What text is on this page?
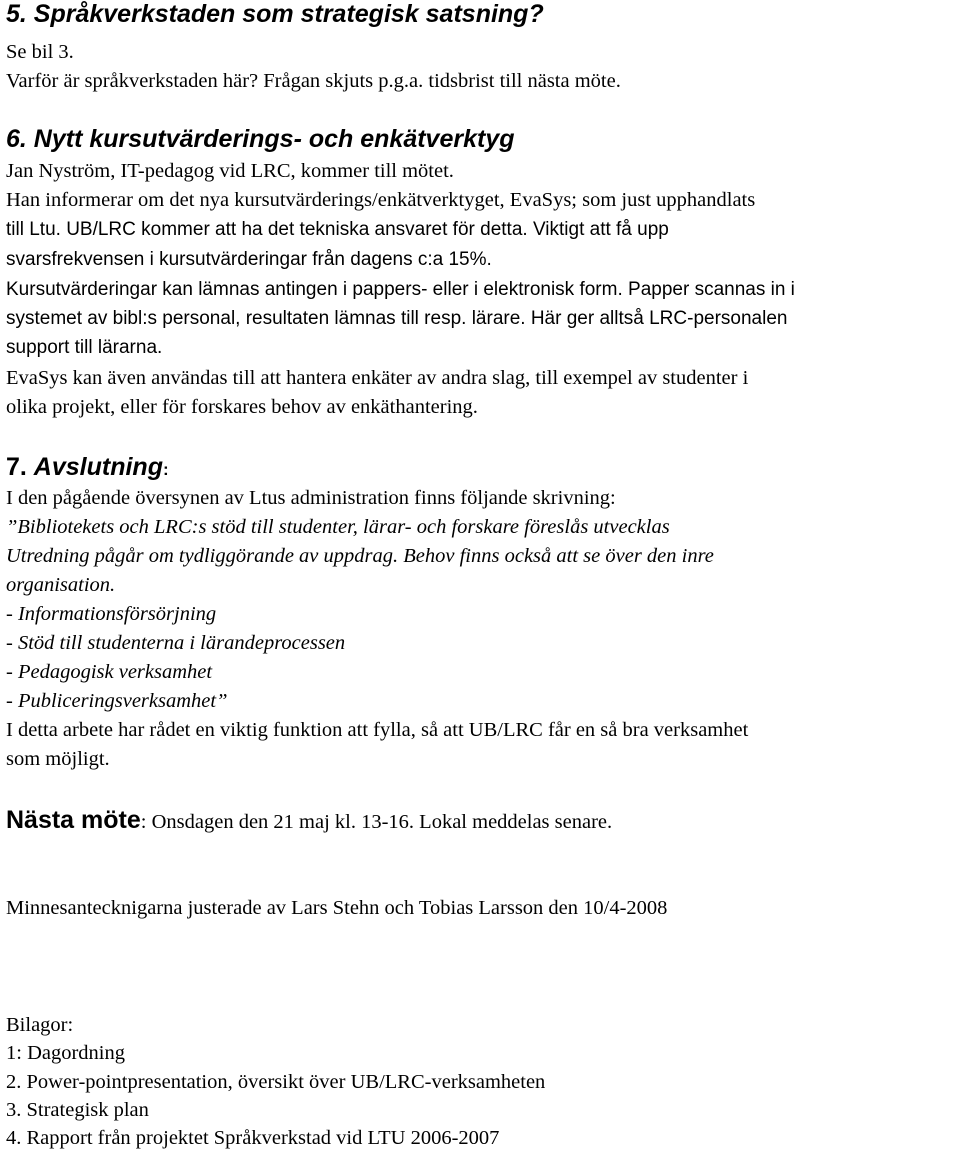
5. Språkverkstaden som strategisk satsning?
Se bil 3.
Varför är språkverkstaden här? Frågan skjuts p.g.a. tidsbrist till nästa möte.
6. Nytt kursutvärderings- och enkätverktyg
Jan Nyström, IT-pedagog vid LRC, kommer till mötet.
Han informerar om det nya kursutvärderings/enkätverktyget, EvaSys; som just upphandlats
till Ltu. UB/LRC kommer att ha det tekniska ansvaret för detta. Viktigt att få upp
svarsfrekvensen i kursutvärderingar från dagens c:a 15%.
Kursutvärderingar kan lämnas antingen i pappers- eller i elektronisk form. Papper scannas in i
systemet av bibl:s personal, resultaten lämnas till resp. lärare. Här ger alltså LRC-personalen
support till lärarna.
EvaSys kan även användas till att hantera enkäter av andra slag, till exempel av studenter i
olika projekt, eller för forskares behov av enkäthantering.
7. Avslutning:
I den pågående översynen av Ltus administration finns följande skrivning:
”Bibliotekets och LRC:s stöd till studenter, lärar- och forskare föreslås utvecklas
Utredning pågår om tydliggörande av uppdrag. Behov finns också att se över den inre
organisation.
- Informationsförsörjning
- Stöd till studenterna i lärandeprocessen
- Pedagogisk verksamhet
- Publiceringsverksamhet”
I detta arbete har rådet en viktig funktion att fylla, så att UB/LRC får en så bra verksamhet
som möjligt.
Nästa möte: Onsdagen den 21 maj kl. 13-16. Lokal meddelas senare.
Minnesantecknigarna justerade av Lars Stehn och Tobias Larsson den 10/4-2008
Bilagor:
1: Dagordning
2. Power-pointpresentation, översikt över UB/LRC-verksamheten
3. Strategisk plan
4. Rapport från projektet Språkverkstad vid LTU 2006-2007
